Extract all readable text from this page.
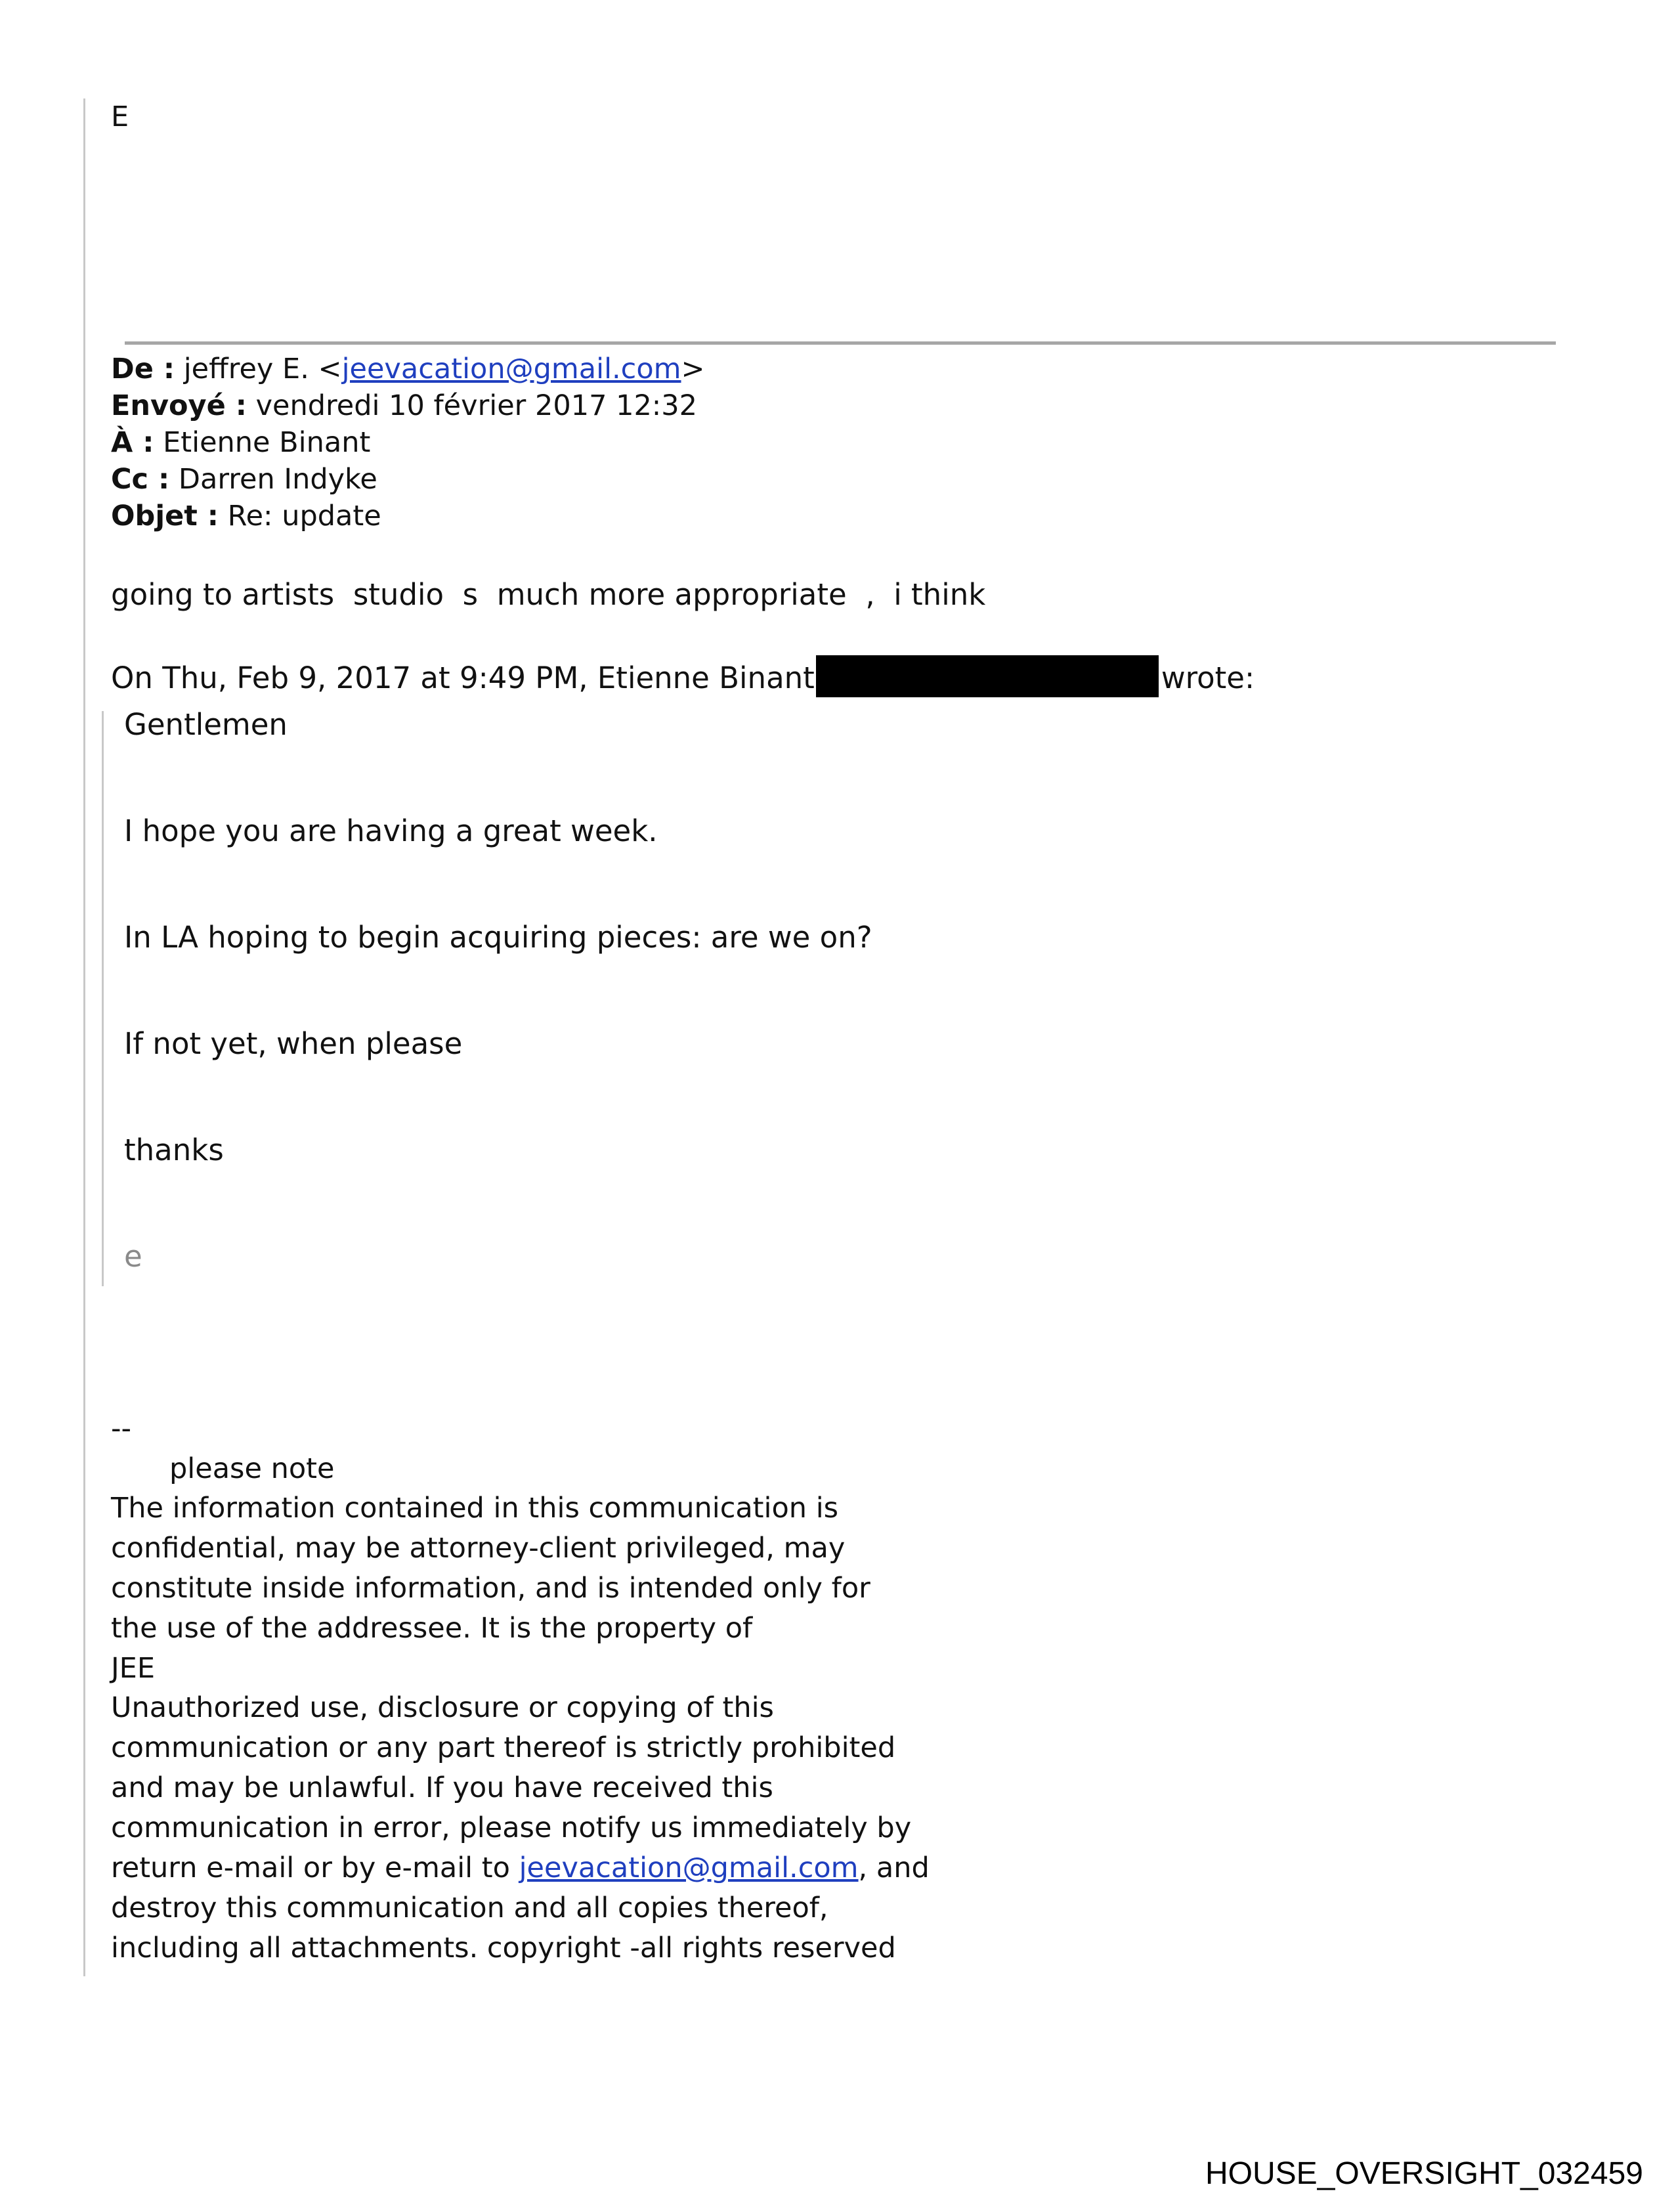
E
De : jeffrey E. <jeevacation@gmail.com>
Envoyé : vendredi 10 février 2017 12:32
À : Etienne Binant
Cc : Darren Indyke
Objet : Re: update
going to artists  studio  s  much more appropriate  ,  i think
On Thu, Feb 9, 2017 at 9:49 PM, Etienne Binant	wrote:
Gentlemen
I hope you are having a great week.
In LA hoping to begin acquiring pieces: are we on?
If not yet, when please
thanks
e
--
please note
The information contained in this communication is
confidential, may be attorney-client privileged, may
constitute inside information, and is intended only for
the use of the addressee. It is the property of
JEE
Unauthorized use, disclosure or copying of this
communication or any part thereof is strictly prohibited
and may be unlawful. If you have received this
communication in error, please notify us immediately by
return e-mail or by e-mail to jeevacation@gmail.com, and
destroy this communication and all copies thereof,
including all attachments. copyright -all rights reserved
HOUSE_OVERSIGHT_032459
